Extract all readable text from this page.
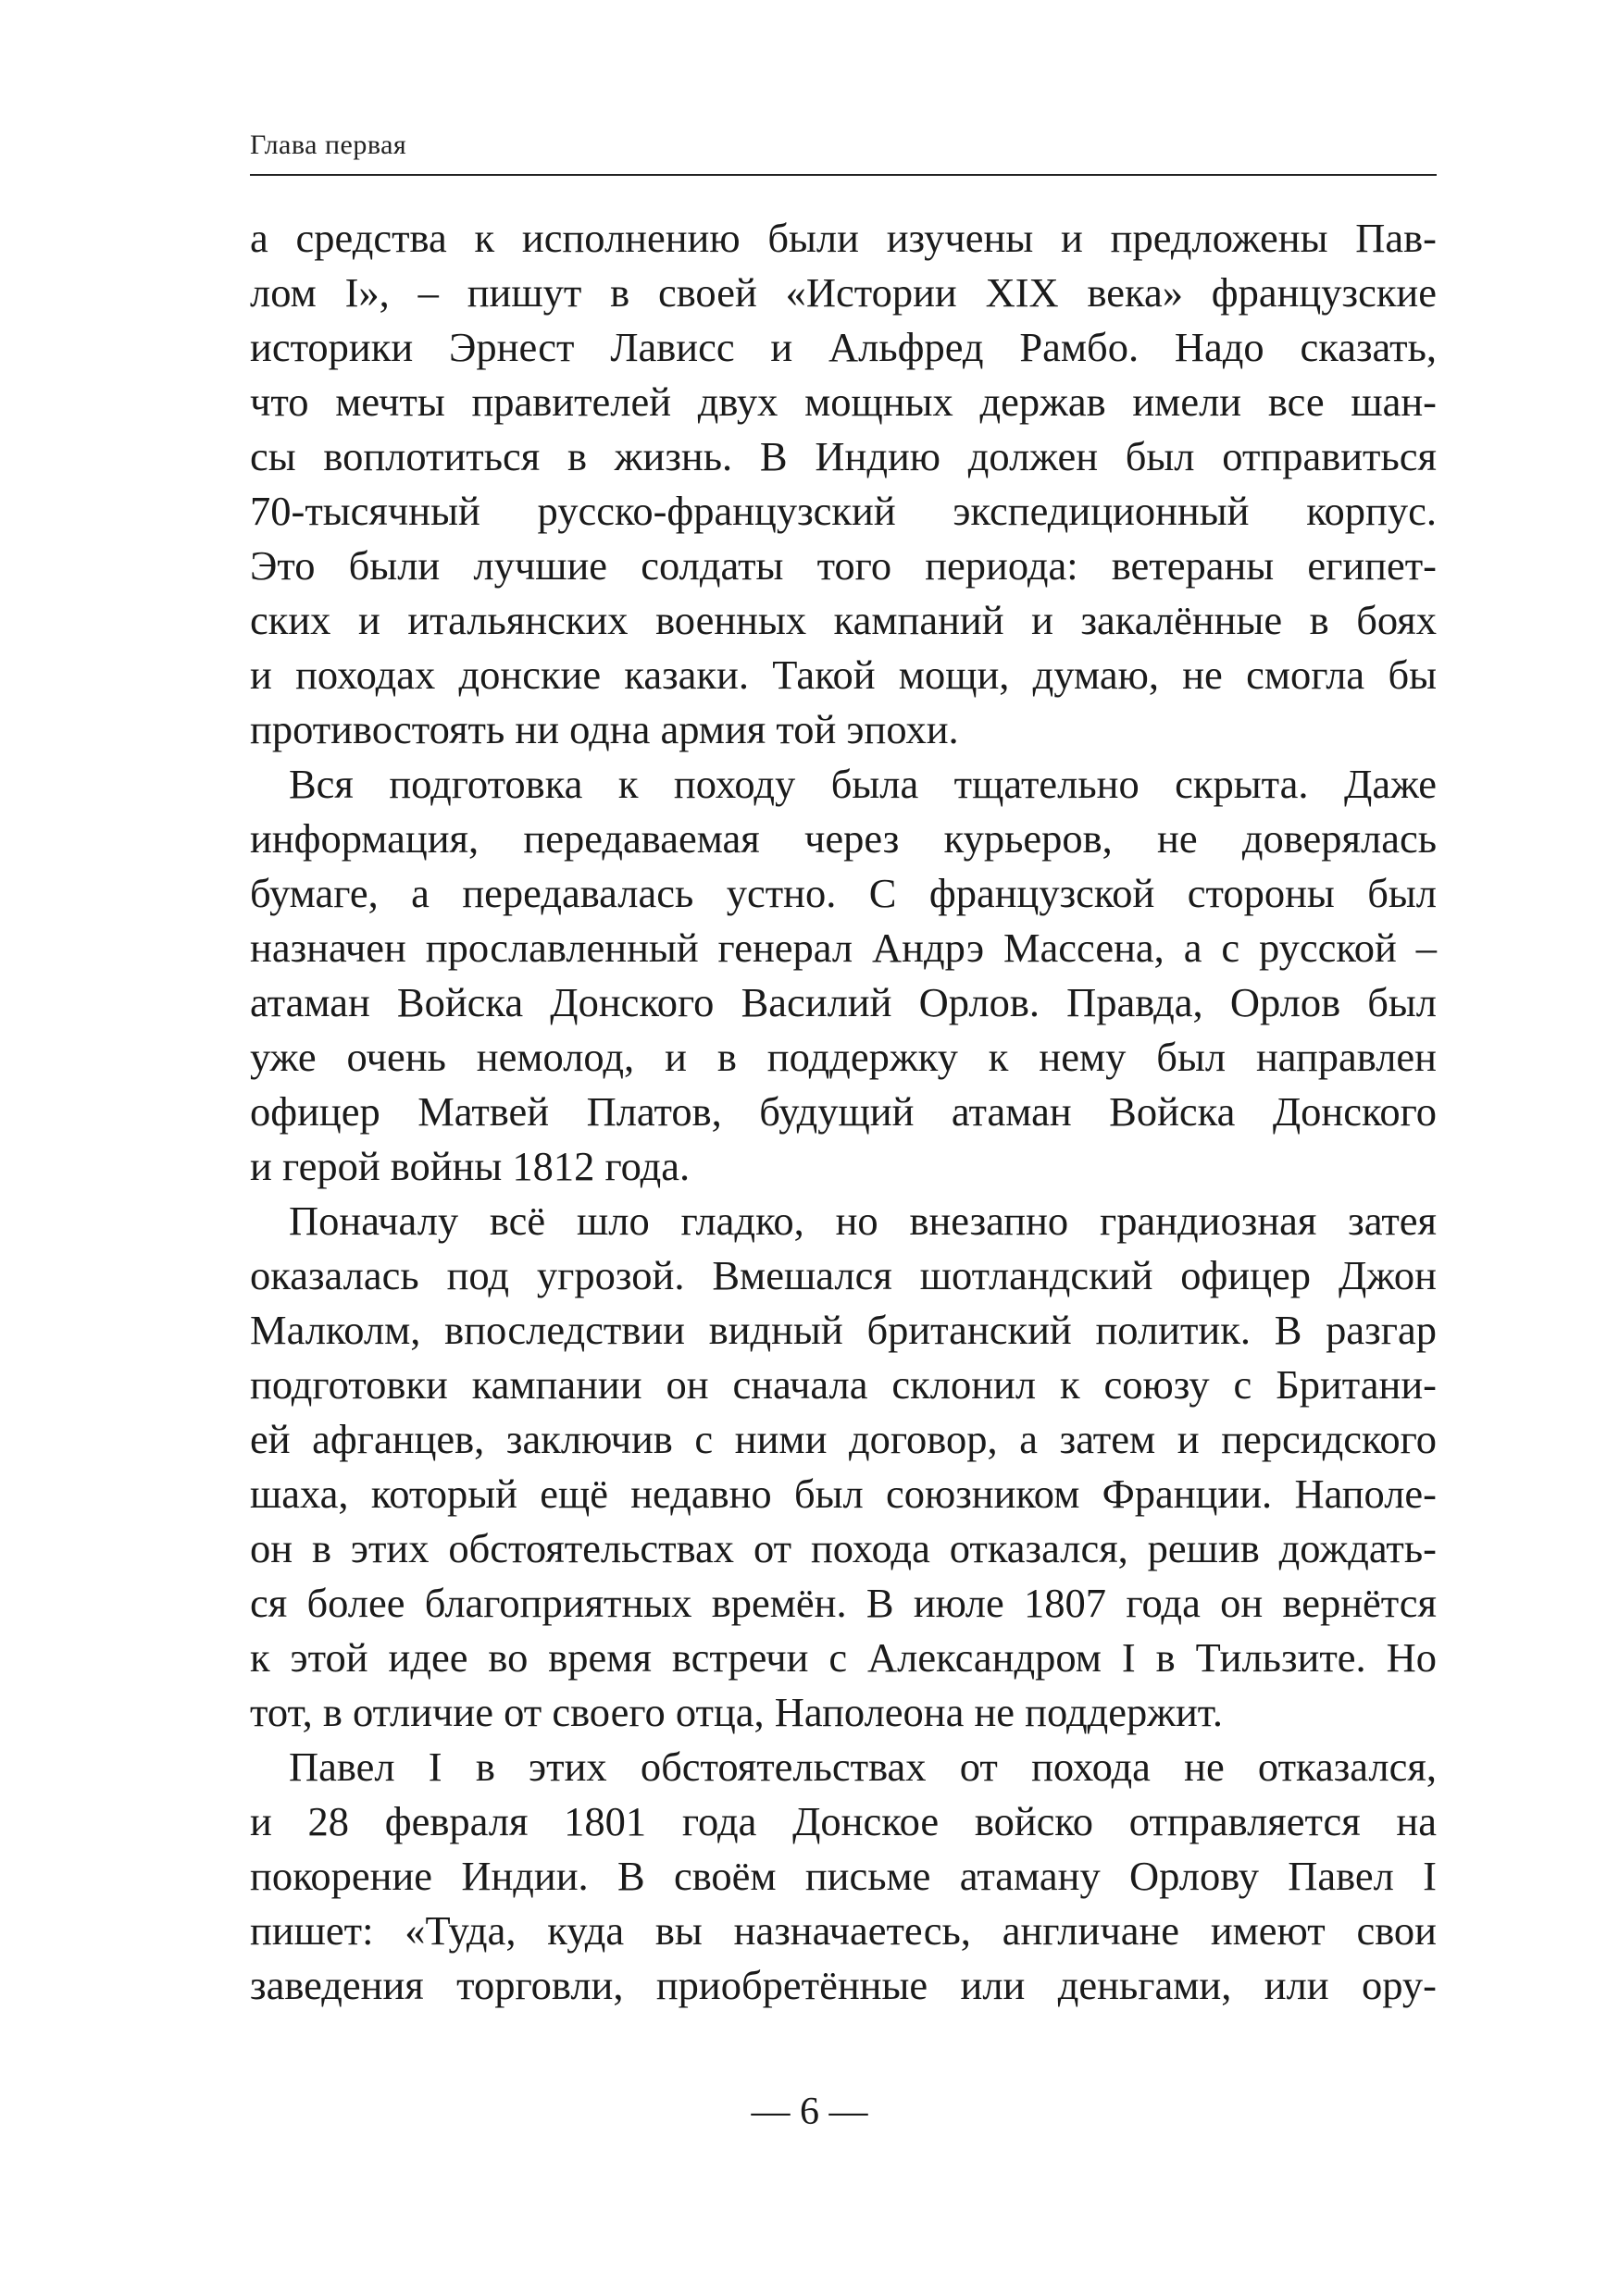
Глава первая
а средства к исполнению были изучены и предложены Пав-
лом I», – пишут в своей «Истории XIX века» французские
историки Эрнест Лависс и Альфред Рамбо. Надо сказать,
что мечты правителей двух мощных держав имели все шан-
сы воплотиться в жизнь. В Индию должен был отправиться
70-тысячный русско-французский экспедиционный корпус.
Это были лучшие солдаты того периода: ветераны египет-
ских и итальянских военных кампаний и закалённые в боях
и походах донские казаки. Такой мощи, думаю, не смогла бы
противостоять ни одна армия той эпохи.
Вся подготовка к походу была тщательно скрыта. Даже
информация, передаваемая через курьеров, не доверялась
бумаге, а передавалась устно. С французской стороны был
назначен прославленный генерал Андрэ Массена, а с русской –
атаман Войска Донского Василий Орлов. Правда, Орлов был
уже очень немолод, и в поддержку к нему был направлен
офицер Матвей Платов, будущий атаман Войска Донского
и герой войны 1812 года.
Поначалу всё шло гладко, но внезапно грандиозная затея
оказалась под угрозой. Вмешался шотландский офицер Джон
Малколм, впоследствии видный британский политик. В разгар
подготовки кампании он сначала склонил к союзу с Британи-
ей афганцев, заключив с ними договор, а затем и персидского
шаха, который ещё недавно был союзником Франции. Наполе-
он в этих обстоятельствах от похода отказался, решив дождать-
ся более благоприятных времён. В июле 1807 года он вернётся
к этой идее во время встречи с Александром I в Тильзите. Но
тот, в отличие от своего отца, Наполеона не поддержит.
Павел I в этих обстоятельствах от похода не отказался,
и 28 февраля 1801 года Донское войско отправляется на
покорение Индии. В своём письме атаману Орлову Павел I
пишет: «Туда, куда вы назначаетесь, англичане имеют свои
заведения торговли, приобретённые или деньгами, или ору-
— 6 —
